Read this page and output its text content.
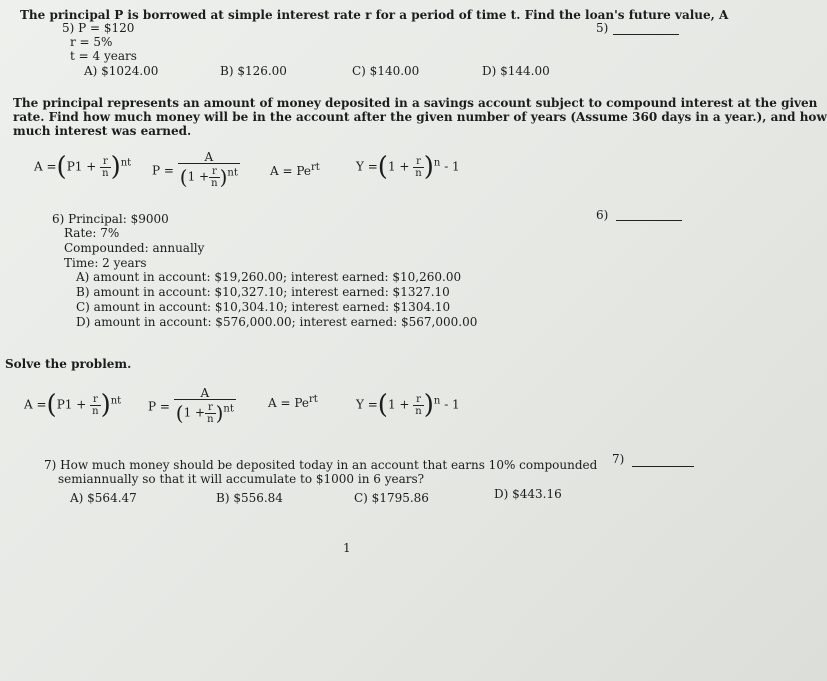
The principal P is borrowed at simple interest rate r for a period of time t. Find the loan's future value, A
5) P = $120
r = 5%
t = 4 years
5)
A) $1024.00	B) $126.00	C) $140.00	D) $144.00
The principal represents an amount of money deposited in a savings account subject to compound interest at the given
rate. Find how much money will be in the account after the given number of years (Assume 360 days in a year.), and how
much interest was earned.
$A =(P1 + \frac{r}{n} )^{nt}$
$P = \frac{A}{(1 + \frac{r}{n} )^{nt}}$	$A = Pe^{rt}$	$Y =(1 + \frac{r}{n} )^n - 1$
6) Principal: $9000
Rate: 7%
Compounded: annually
Time: 2 years
6)
A) amount in account: $19,260.00; interest earned: $10,260.00
B) amount in account: $10,327.10; interest earned: $1327.10
C) amount in account: $10,304.10; interest earned: $1304.10
D) amount in account: $576,000.00; interest earned: $567,000.00
Solve the problem.
$A =(P1 + \frac{r}{n} )^{nt}$ $P = \frac{A}{(1 + \frac{r}{n} )^{nt}}$	$A = Pe^{rt}$	$Y =(1 + \frac{r}{n} )^n - 1$
7) How much money should be deposited today in an account that earns 10% compounded
semiannually so that it will accumulate to $1000 in 6 years?
7)
A) $564.47	B) $556.84	C) $1795.86	D) $443.16
1
